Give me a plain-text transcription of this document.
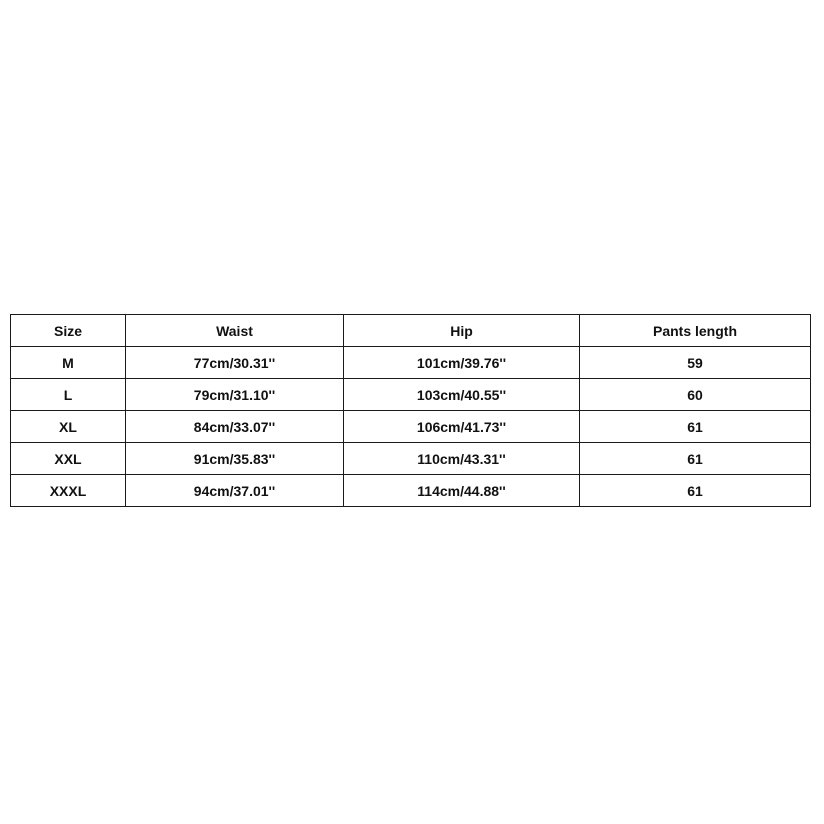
Size	Waist	Hip	Pants length
M	77cm/30.31''	101cm/39.76''	59
L	79cm/31.10''	103cm/40.55''	60
XL	84cm/33.07''	106cm/41.73''	61
XXL	91cm/35.83''	110cm/43.31''	61
XXXL	94cm/37.01''	114cm/44.88''	61
